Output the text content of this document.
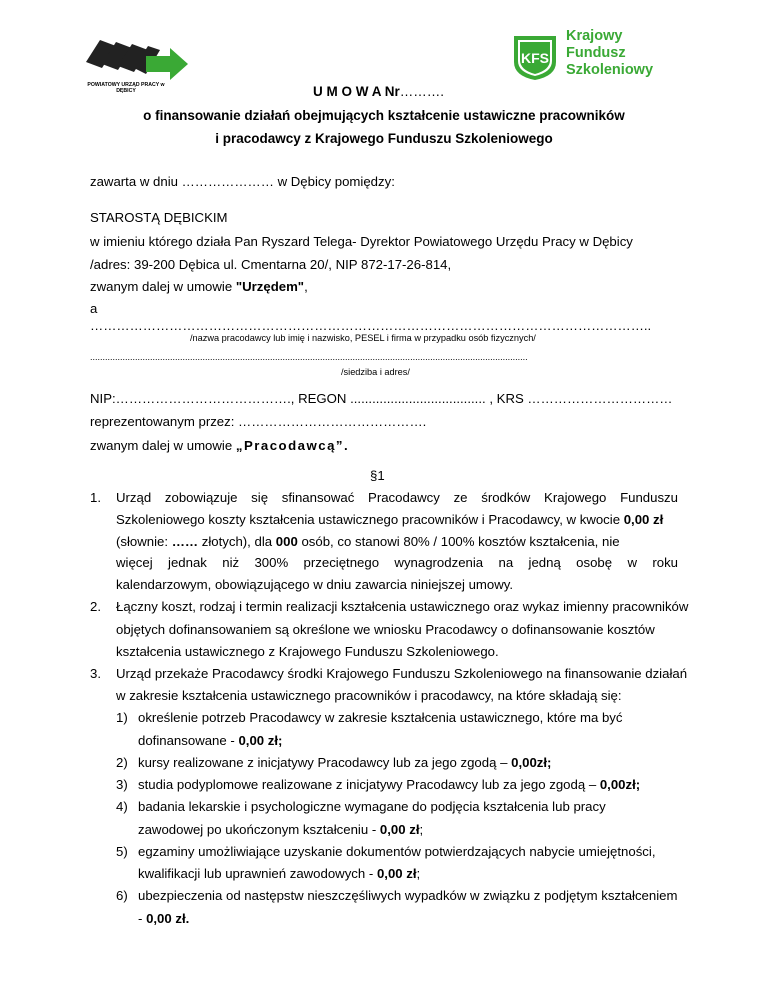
POWIATOWY URZĄD PRACY w DĘBICY
KFS
Krajowy
Fundusz
Szkoleniowy
U M O W A Nr……….
o finansowanie działań obejmujących kształcenie ustawiczne pracowników
i pracodawcy z Krajowego Funduszu Szkoleniowego
zawarta w dniu ………………… w Dębicy pomiędzy:
STAROSTĄ DĘBICKIM
w imieniu którego działa Pan Ryszard Telega- Dyrektor Powiatowego Urzędu Pracy w Dębicy
/adres: 39-200 Dębica ul. Cmentarna 20/, NIP 872-17-26-814,
zwanym dalej w umowie "Urzędem",
a
………………………………………………………………………………………………………………..
/nazwa pracodawcy lub imię i nazwisko, PESEL i firma w przypadku osób fizycznych/
...............................................................................................................................................................................
/siedziba i adres/
NIP:…………………………………., REGON ..................................... , KRS ……………………………
reprezentowanym przez: …………………………………….
zwanym dalej w umowie „Pracodawcą”.
§1
1. Urząd zobowiązuje się sfinansować Pracodawcy ze środków Krajowego Funduszu
Szkoleniowego koszty kształcenia ustawicznego pracowników i Pracodawcy, w kwocie 0,00 zł
(słownie: …… złotych), dla 000 osób, co stanowi 80% / 100% kosztów kształcenia, nie
więcej jednak niż 300% przeciętnego wynagrodzenia na jedną osobę w roku
kalendarzowym, obowiązującego w dniu zawarcia niniejszej umowy.
2. Łączny koszt, rodzaj i termin realizacji kształcenia ustawicznego oraz wykaz imienny pracowników
objętych dofinansowaniem są określone we wniosku Pracodawcy o dofinansowanie kosztów
kształcenia ustawicznego z Krajowego Funduszu Szkoleniowego.
3. Urząd przekaże Pracodawcy środki Krajowego Funduszu Szkoleniowego na finansowanie działań
w zakresie kształcenia ustawicznego pracowników i pracodawcy, na które składają się:
1) określenie potrzeb Pracodawcy w zakresie kształcenia ustawicznego, które ma być
dofinansowane - 0,00 zł;
2) kursy realizowane z inicjatywy Pracodawcy lub za jego zgodą – 0,00zł;
3) studia podyplomowe realizowane z inicjatywy Pracodawcy lub za jego zgodą – 0,00zł;
4) badania lekarskie i psychologiczne wymagane do podjęcia kształcenia lub pracy
zawodowej po ukończonym kształceniu - 0,00 zł;
5) egzaminy umożliwiające uzyskanie dokumentów potwierdzających nabycie umiejętności,
kwalifikacji lub uprawnień zawodowych - 0,00 zł;
6) ubezpieczenia od następstw nieszczęśliwych wypadków w związku z podjętym kształceniem
- 0,00 zł.
